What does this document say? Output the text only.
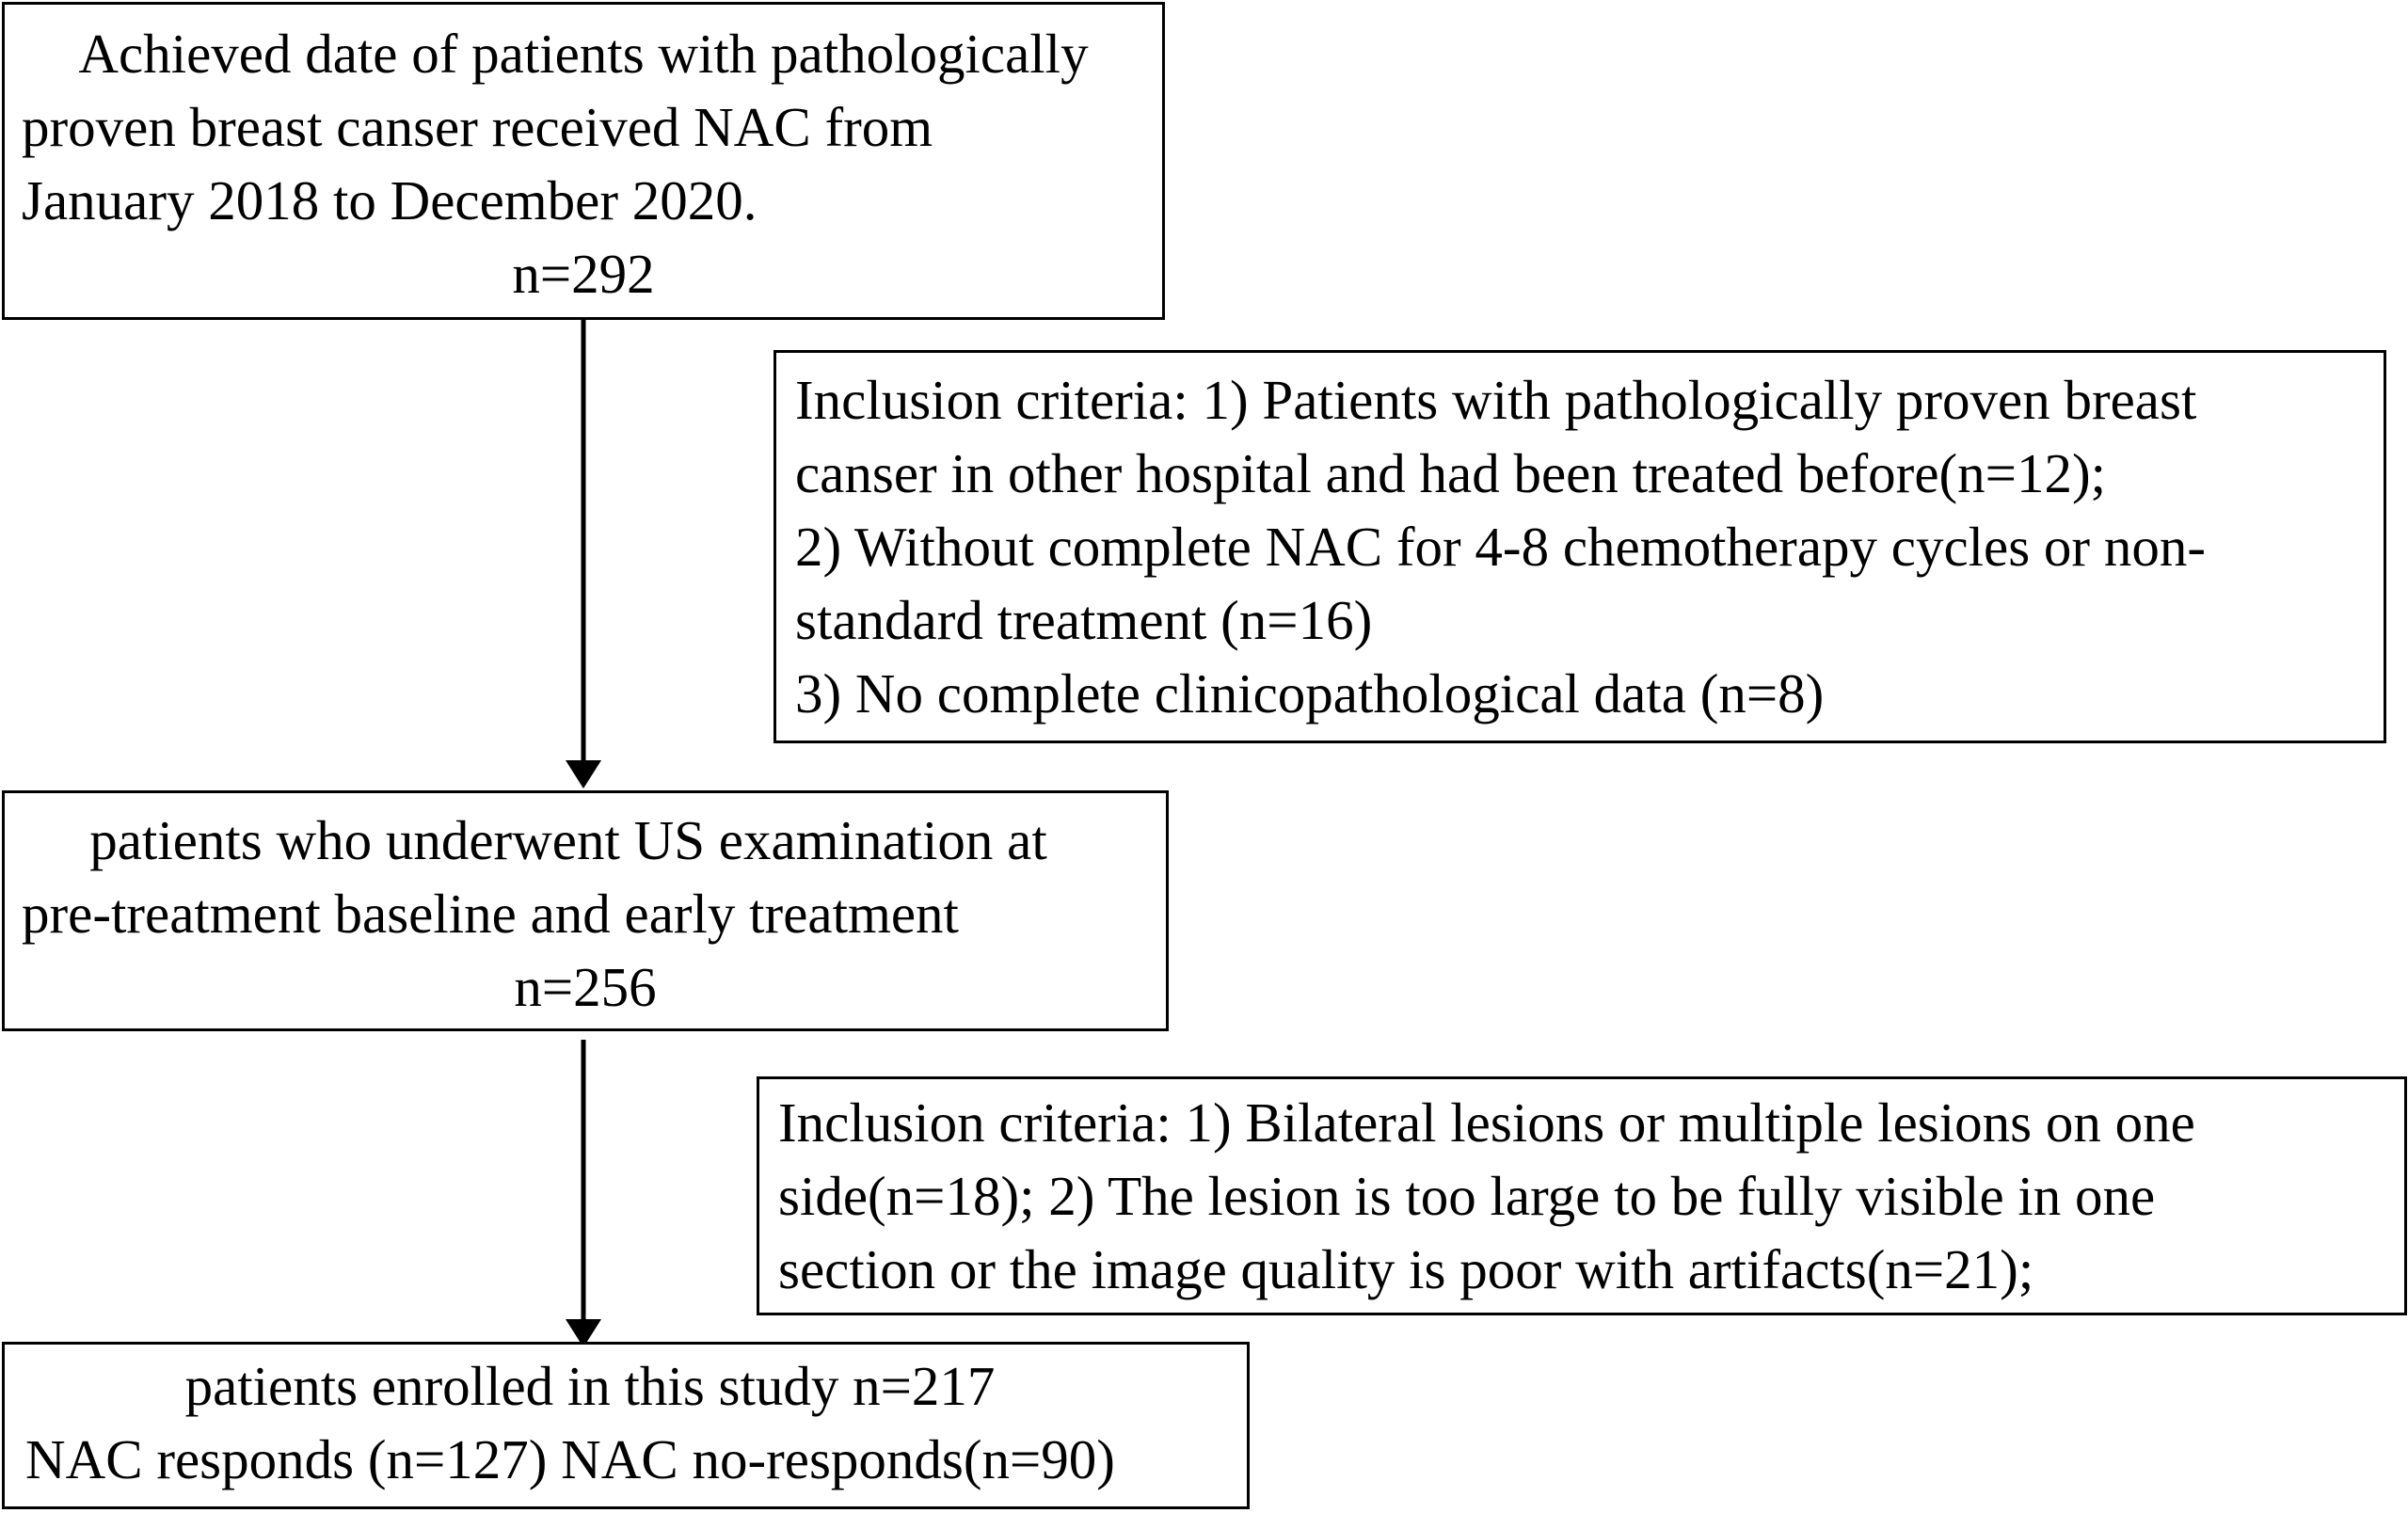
Achieved date of patients with pathologically
proven breast canser received NAC from
January 2018 to December 2020.
n=292
Inclusion criteria: 1) Patients with pathologically proven breast
canser in other hospital and had been treated before(n=12);
2) Without complete NAC for 4-8 chemotherapy cycles or non-
standard treatment (n=16)
3) No complete clinicopathological data (n=8)
patients who underwent US examination at
pre-treatment baseline and early treatment
n=256
Inclusion criteria: 1) Bilateral lesions or multiple lesions on one
side(n=18); 2) The lesion is too large to be fully visible in one
section or the image quality is poor with artifacts(n=21);
patients enrolled in this study n=217
NAC responds (n=127) NAC no-responds(n=90)
